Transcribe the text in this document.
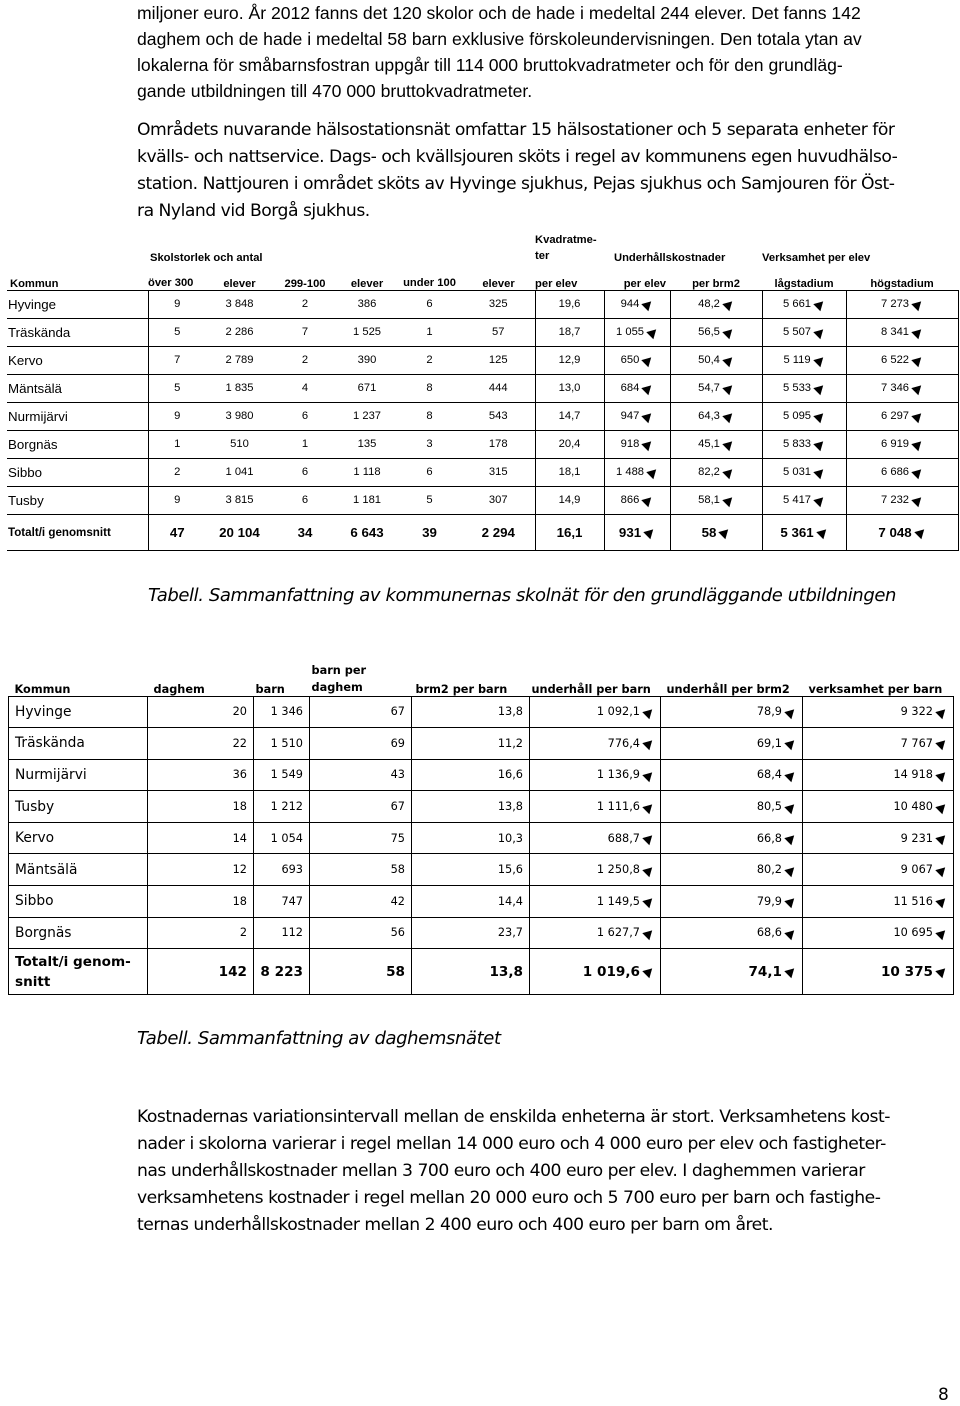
miljoner euro. År 2012 fanns det 120 skolor och de hade i medeltal 244 elever. Det fanns 142
daghem och de hade i medeltal 58 barn exklusive förskoleundervisningen. Den totala ytan av
lokalerna för småbarnsfostran uppgår till 114 000 bruttokvadratmeter och för den grundläg-
gande utbildningen till 470 000 bruttokvadratmeter.
Områdets nuvarande hälsostationsnät omfattar 15 hälsostationer och 5 separata enheter för
kvälls- och nattservice. Dags- och kvällsjouren sköts i regel av kommunens egen huvudhälso-
station. Nattjouren i området sköts av Hyvinge sjukhus, Pejas sjukhus och Samjouren för Öst-
ra Nyland vid Borgå sjukhus.
	Skolstorlek och antal						Kvadratme- ter	Underhållskostnader		Verksamhet per elev	
Kommun	över 300	elever	299-100	elever	under 100	elever	per elev	per elev	per brm2	lågstadium	högstadium
Hyvinge	9	3 848	2	386	6	325	19,6	944	48,2	5 661	7 273
Träskända	5	2 286	7	1 525	1	57	18,7	1 055	56,5	5 507	8 341
Kervo	7	2 789	2	390	2	125	12,9	650	50,4	5 119	6 522
Mäntsälä	5	1 835	4	671	8	444	13,0	684	54,7	5 533	7 346
Nurmijärvi	9	3 980	6	1 237	8	543	14,7	947	64,3	5 095	6 297
Borgnäs	1	510	1	135	3	178	20,4	918	45,1	5 833	6 919
Sibbo	2	1 041	6	1 118	6	315	18,1	1 488	82,2	5 031	6 686
Tusby	9	3 815	6	1 181	5	307	14,9	866	58,1	5 417	7 232
Totalt/i genomsnitt	47	20 104	34	6 643	39	2 294	16,1	931	58	5 361	7 048
Tabell. Sammanfattning av kommunernas skolnät för den grundläggande utbildningen
Kommun	daghem	barn	barn per daghem	brm2 per barn	underhåll per barn	underhåll per brm2	verksamhet per barn
Hyvinge	20	1 346	67	13,8	1 092,1	78,9	9 322
Träskända	22	1 510	69	11,2	776,4	69,1	7 767
Nurmijärvi	36	1 549	43	16,6	1 136,9	68,4	14 918
Tusby	18	1 212	67	13,8	1 111,6	80,5	10 480
Kervo	14	1 054	75	10,3	688,7	66,8	9 231
Mäntsälä	12	693	58	15,6	1 250,8	80,2	9 067
Sibbo	18	747	42	14,4	1 149,5	79,9	11 516
Borgnäs	2	112	56	23,7	1 627,7	68,6	10 695
Totalt/i genom- snitt	142	8 223	58	13,8	1 019,6	74,1	10 375
Tabell. Sammanfattning av daghemsnätet
Kostnadernas variationsintervall mellan de enskilda enheterna är stort. Verksamhetens kost-
nader i skolorna varierar i regel mellan 14 000 euro och 4 000 euro per elev och fastigheter-
nas underhållskostnader mellan 3 700 euro och 400 euro per elev. I daghemmen varierar
verksamhetens kostnader i regel mellan 20 000 euro och 5 700 euro per barn och fastighe-
ternas underhållskostnader mellan 2 400 euro och 400 euro per barn om året.
8
